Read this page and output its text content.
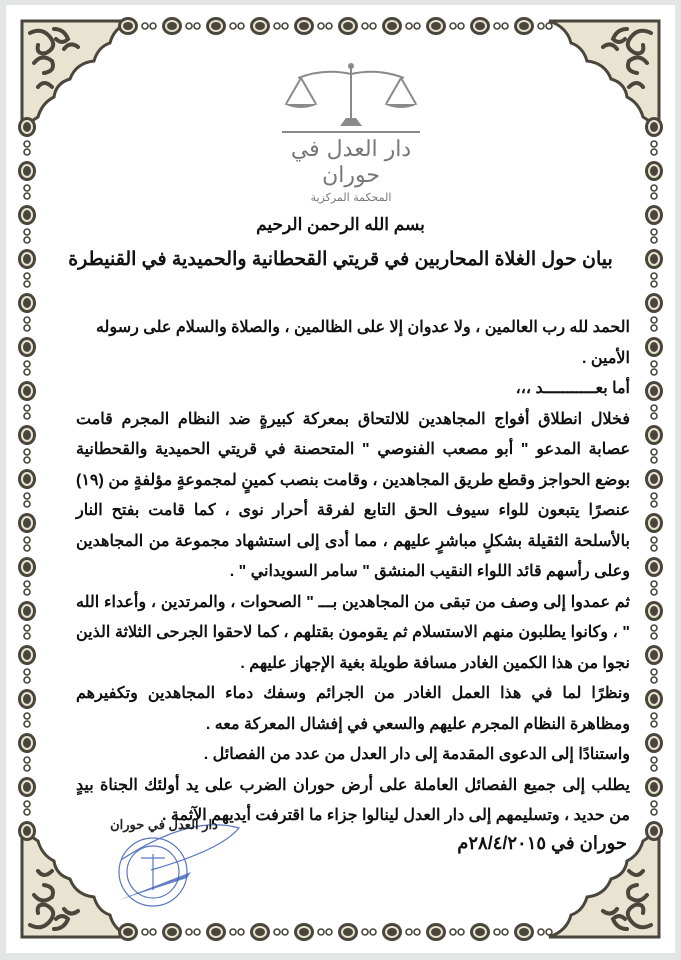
دار العدل في حوران
المحكمة المركزية
بسم الله الرحمن الرحيم
بيان حول الغلاة المحاربين في قريتي القحطانية والحميدية في القنيطرة

الحمد لله رب العالمين ، ولا عدوان إلا على الظالمين ، والصلاة والسلام على رسوله الأمين .

أما بعـــــــــــد ،،،

فخلال انطلاق أفواج المجاهدين للالتحاق بمعركة كبيرةٍ ضد النظام المجرم قامت عصابة المدعو " أبو مصعب الفنوصي " المتحصنة في قريتي الحميدية والقحطانية بوضع الحواجز وقطع طريق المجاهدين ، وقامت بنصب كمينٍ لمجموعةٍ مؤلفةٍ من (١٩) عنصرًا يتبعون للواء سيوف الحق التابع لفرقة أحرار نوى ، كما قامت بفتح النار بالأسلحة الثقيلة بشكلٍ مباشرٍ عليهم ، مما أدى إلى استشهاد مجموعة من المجاهدين وعلى رأسهم قائد اللواء النقيب المنشق " سامر السويداني " .

ثم عمدوا إلى وصف من تبقى من المجاهدين بـــ " الصحوات ، والمرتدين ، وأعداء الله " ، وكانوا يطلبون منهم الاستسلام ثم يقومون بقتلهم ، كما لاحقوا الجرحى الثلاثة الذين نجوا من هذا الكمين الغادر مسافة طويلة بغية الإجهاز عليهم .

ونظرًا لما في هذا العمل الغادر من الجرائم وسفك دماء المجاهدين وتكفيرهم ومظاهرة النظام المجرم عليهم والسعي في إفشال المعركة معه .

واستنادًا إلى الدعوى المقدمة إلى دار العدل من عدد من الفصائل .

يطلب إلى جميع الفصائل العاملة على أرض حوران الضرب على يد أولئك الجناة بيدٍ من حديد ، وتسليمهم إلى دار العدل لينالوا جزاء ما اقترفت أيديهم الآثمة .

دار العدل في حوران
حوران في ٢٨/٤/٢٠١٥م
